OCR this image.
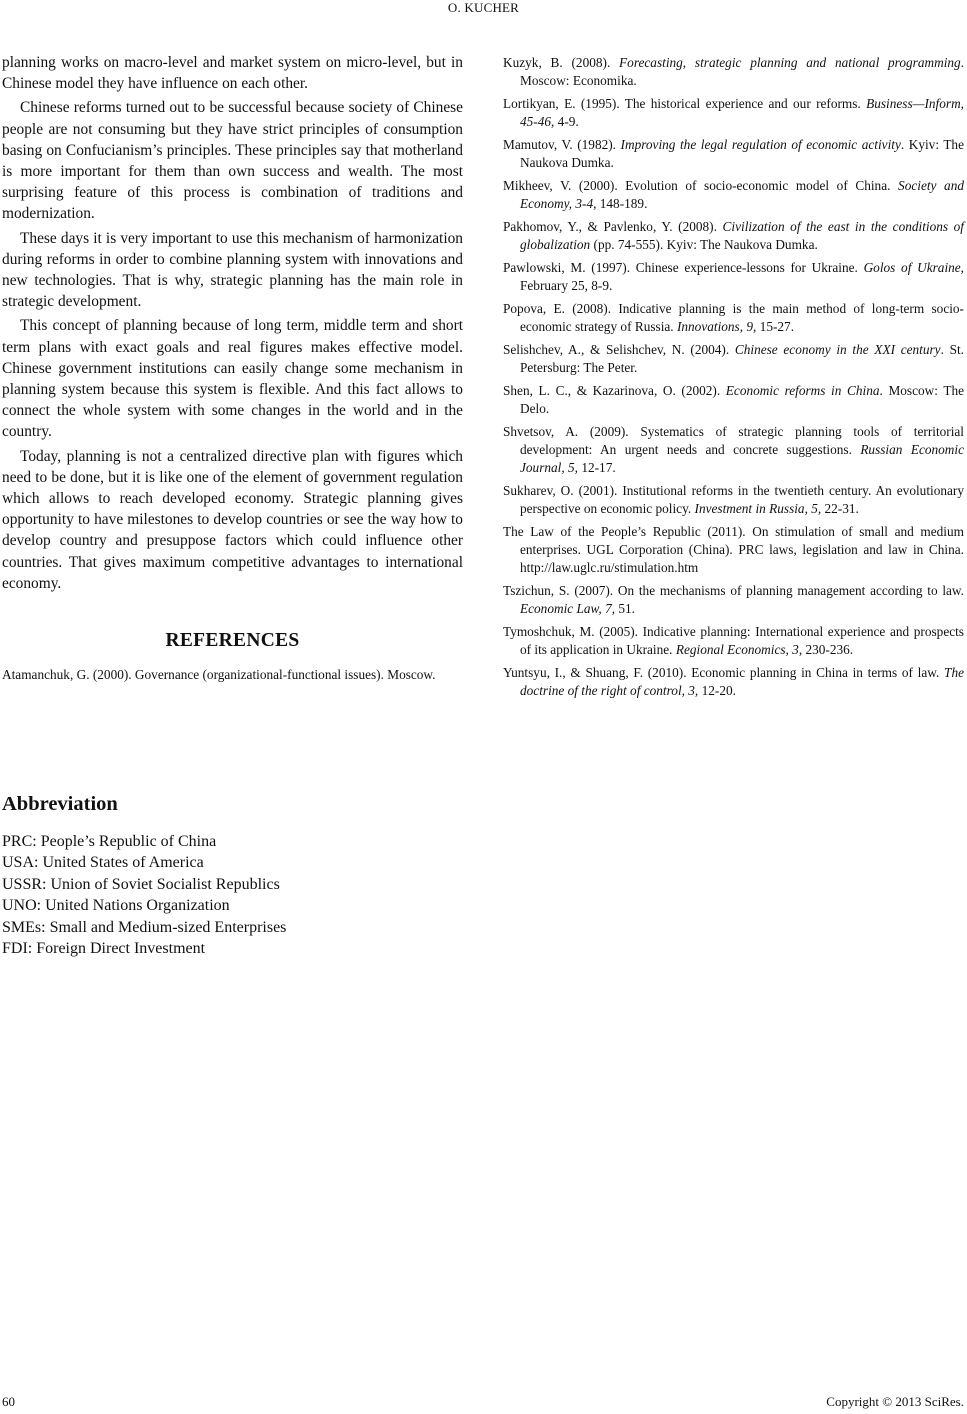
O. KUCHER

planning works on macro-level and market system on micro-level, but in Chinese model they have influence on each other.

Chinese reforms turned out to be successful because society of Chinese people are not consuming but they have strict principles of consumption basing on Confucianism’s principles. These principles say that motherland is more important for them than own success and wealth. The most surprising feature of this process is combination of traditions and modernization.

These days it is very important to use this mechanism of harmonization during reforms in order to combine planning system with innovations and new technologies. That is why, strategic planning has the main role in strategic development.

This concept of planning because of long term, middle term and short term plans with exact goals and real figures makes effective model. Chinese government institutions can easily change some mechanism in planning system because this system is flexible. And this fact allows to connect the whole system with some changes in the world and in the country.

Today, planning is not a centralized directive plan with figures which need to be done, but it is like one of the element of government regulation which allows to reach developed economy. Strategic planning gives opportunity to have milestones to develop countries or see the way how to develop country and presuppose factors which could influence other countries. That gives maximum competitive advantages to international economy.

REFERENCES
Atamanchuk, G. (2000). Governance (organizational-functional issues). Moscow.
Kuzyk, B. (2008). Forecasting, strategic planning and national programming. Moscow: Economika.
Lortikyan, E. (1995). The historical experience and our reforms. Business—Inform, 45-46, 4-9.
Mamutov, V. (1982). Improving the legal regulation of economic activity. Kyiv: The Naukova Dumka.
Mikheev, V. (2000). Evolution of socio-economic model of China. Society and Economy, 3-4, 148-189.
Pakhomov, Y., & Pavlenko, Y. (2008). Civilization of the east in the conditions of globalization (pp. 74-555). Kyiv: The Naukova Dumka.
Pawlowski, M. (1997). Chinese experience-lessons for Ukraine. Golos of Ukraine, February 25, 8-9.
Popova, E. (2008). Indicative planning is the main method of long-term socio-economic strategy of Russia. Innovations, 9, 15-27.
Selishchev, A., & Selishchev, N. (2004). Chinese economy in the XXI century. St. Petersburg: The Peter.
Shen, L. C., & Kazarinova, O. (2002). Economic reforms in China. Moscow: The Delo.
Shvetsov, A. (2009). Systematics of strategic planning tools of territorial development: An urgent needs and concrete suggestions. Russian Economic Journal, 5, 12-17.
Sukharev, O. (2001). Institutional reforms in the twentieth century. An evolutionary perspective on economic policy. Investment in Russia, 5, 22-31.
The Law of the People’s Republic (2011). On stimulation of small and medium enterprises. UGL Corporation (China). PRC laws, legislation and law in China. http://law.uglc.ru/stimulation.htm
Tszichun, S. (2007). On the mechanisms of planning management according to law. Economic Law, 7, 51.
Tymoshchuk, M. (2005). Indicative planning: International experience and prospects of its application in Ukraine. Regional Economics, 3, 230-236.
Yuntsyu, I., & Shuang, F. (2010). Economic planning in China in terms of law. The doctrine of the right of control, 3, 12-20.
Abbreviation

PRC: People’s Republic of China

USA: United States of America

USSR: Union of Soviet Socialist Republics

UNO: United Nations Organization

SMEs: Small and Medium-sized Enterprises

FDI: Foreign Direct Investment

60	Copyright © 2013 SciRes.
